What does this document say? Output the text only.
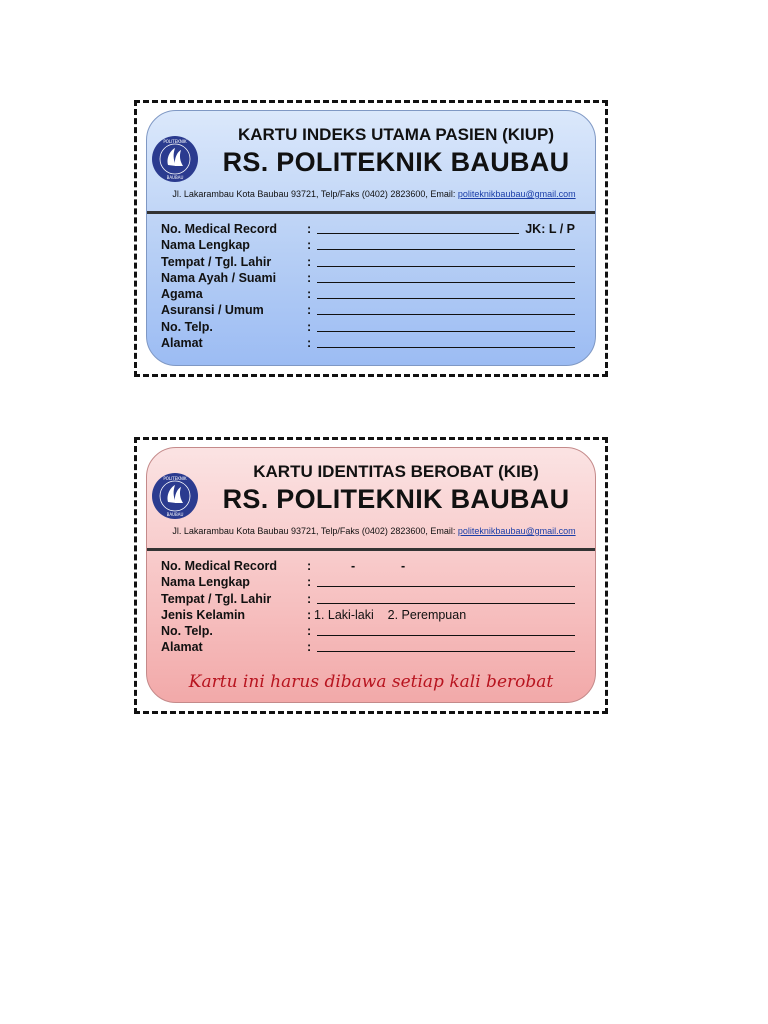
POLITEKNIK
BAUBAU
KARTU INDEKS UTAMA PASIEN (KIUP)
RS. POLITEKNIK BAUBAU
Jl. Lakarambau Kota Baubau 93721, Telp/Faks (0402) 2823600, Email: politeknikbaubau@gmail.com
No. Medical Record :	JK: L / P
Nama Lengkap	:
Tempat / Tgl. Lahir	:
Nama Ayah / Suami :
Agama	:
Asuransi / Umum	:
No. Telp.	:
Alamat	:
POLITEKNIK
BAUBAU
KARTU IDENTITAS BEROBAT (KIB)
RS. POLITEKNIK BAUBAU
Jl. Lakarambau Kota Baubau 93721, Telp/Faks (0402) 2823600, Email: politeknikbaubau@gmail.com
No. Medical Record :	-	-
Nama Lengkap	:
Tempat / Tgl. Lahir	:
Jenis Kelamin	: 1. Laki-laki    2. Perempuan
No. Telp.	:
Alamat	:
Kartu ini harus dibawa setiap kali berobat
